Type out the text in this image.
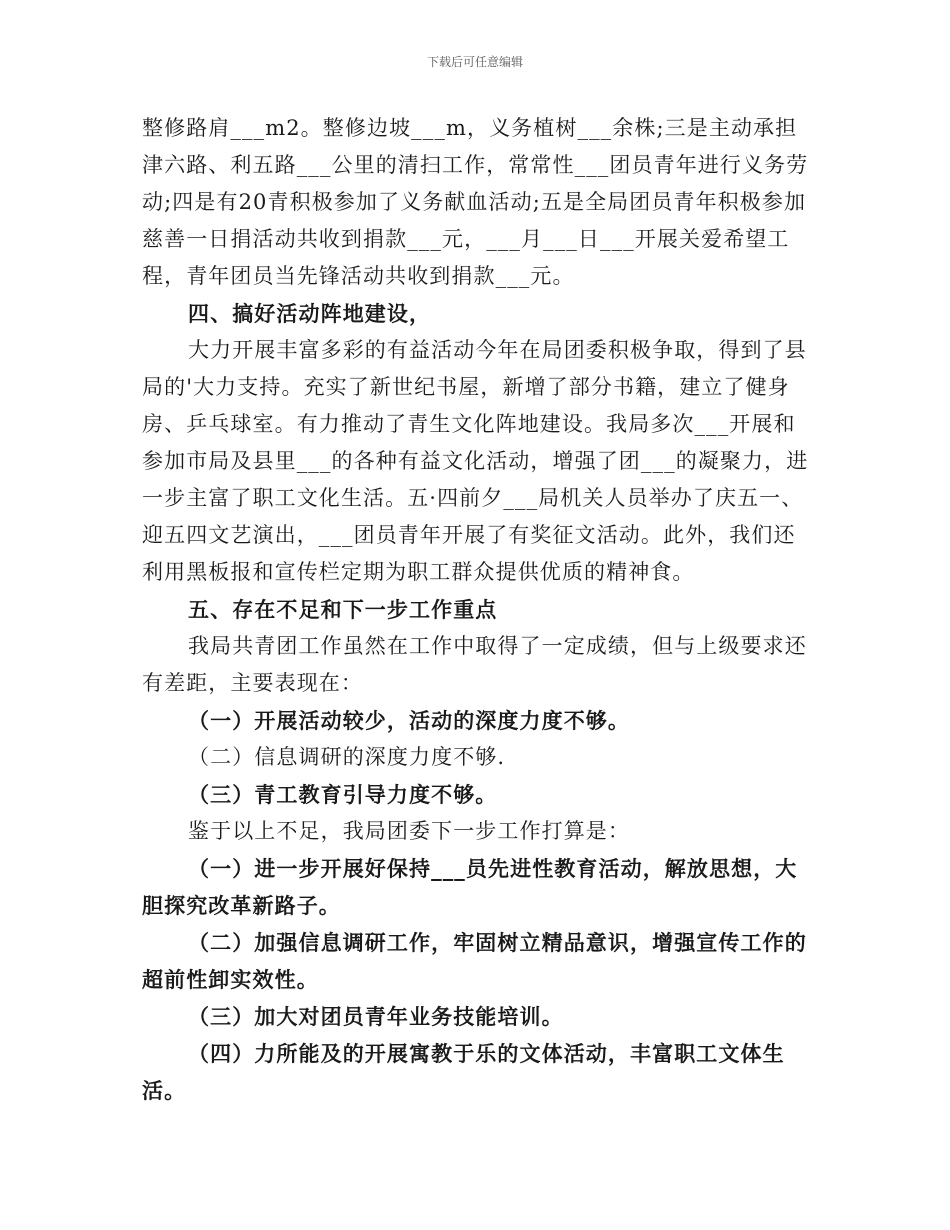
下载后可任意编辑

整修路肩___m2。整修边坡___m，义务植树___余株;三是主动承担津六路、利五路___公里的清扫工作，常常性___团员青年进行义务劳动;四是有20青积极参加了义务献血活动;五是全局团员青年积极参加慈善一日捐活动共收到捐款___元，___月___日___开展关爱希望工程，青年团员当先锋活动共收到捐款___元。

四、搞好活动阵地建设，

大力开展丰富多彩的有益活动今年在局团委积极争取，得到了县局的'大力支持。充实了新世纪书屋，新增了部分书籍，建立了健身房、乒乓球室。有力推动了青生文化阵地建设。我局多次___开展和参加市局及县里___的各种有益文化活动，增强了团___的凝聚力，进一步主富了职工文化生活。五·四前夕___局机关人员举办了庆五一、迎五四文艺演出，___团员青年开展了有奖征文活动。此外，我们还利用黑板报和宣传栏定期为职工群众提供优质的精神食。

五、存在不足和下一步工作重点

我局共青团工作虽然在工作中取得了一定成绩，但与上级要求还有差距，主要表现在：

（一）开展活动较少，活动的深度力度不够。

（二）信息调研的深度力度不够.

（三）青工教育引导力度不够。

鉴于以上不足，我局团委下一步工作打算是：

（一）进一步开展好保持___员先进性教育活动，解放思想，大胆探究改革新路子。

（二）加强信息调研工作，牢固树立精品意识，增强宣传工作的超前性卸实效性。

（三）加大对团员青年业务技能培训。

（四）力所能及的开展寓教于乐的文体活动，丰富职工文体生活。
